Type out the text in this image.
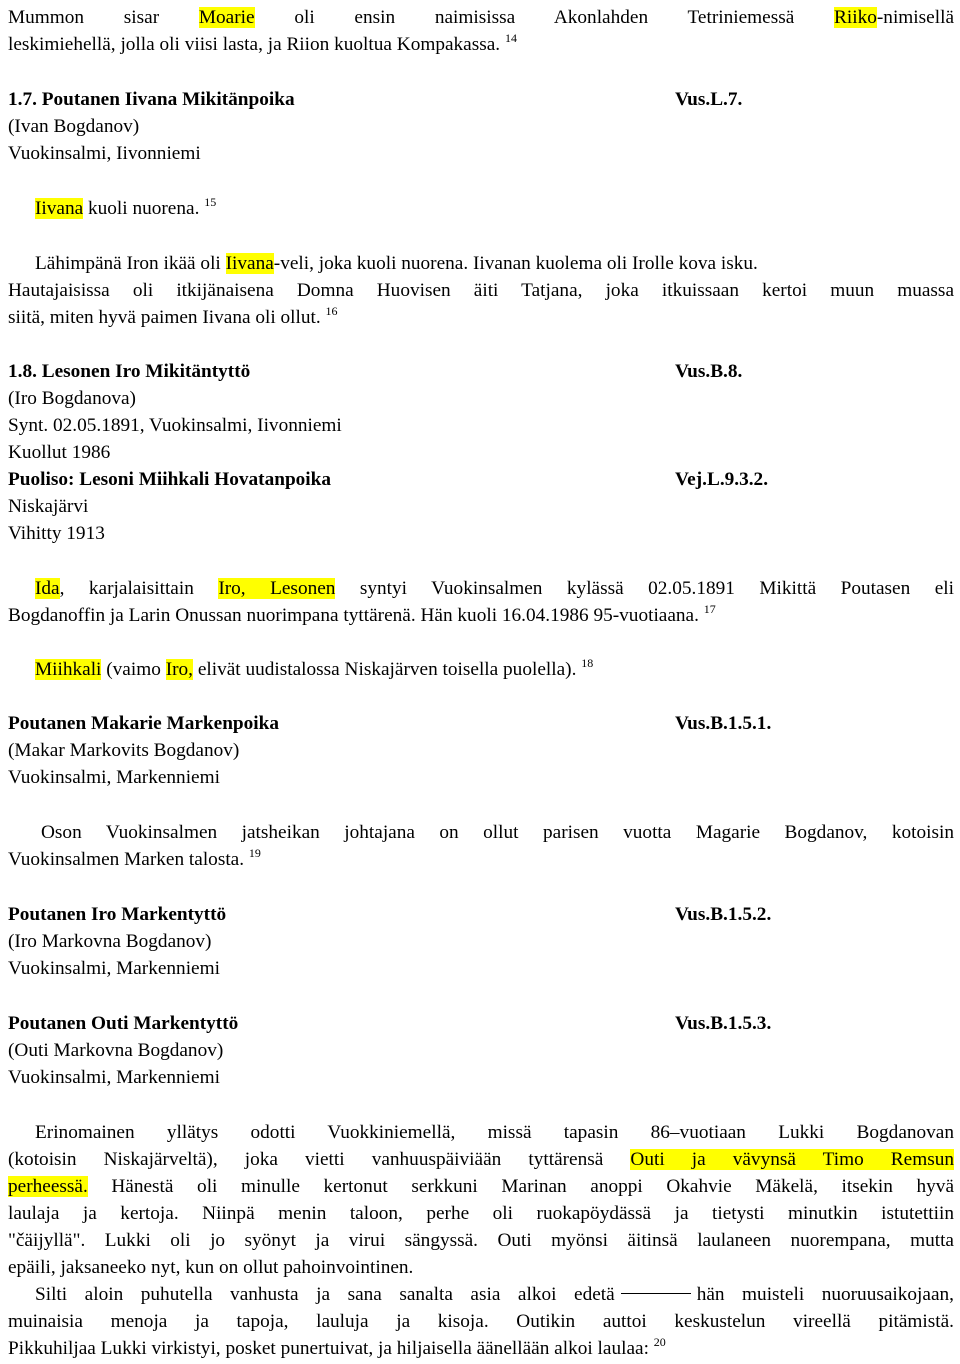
Mummon sisar Moarie oli ensin naimisissa Akonlahden Tetriniemessä Riiko-nimisellä
leskimiehellä, jolla oli viisi lasta, ja Riion kuoltua Kompakassa. $^{14}$
1.7. Poutanen Iivana Mikitänpoika	Vus.L.7.
(Ivan Bogdanov)
Vuokinsalmi, Iivonniemi
Iivana kuoli nuorena. $^{15}$
Lähimpänä Iron ikää oli Iivana-veli, joka kuoli nuorena. Iivanan kuolema oli Irolle kova isku.
Hautajaisissa oli itkijänaisena Domna Huovisen äiti Tatjana, joka itkuissaan kertoi muun muassa
siitä, miten hyvä paimen Iivana oli ollut. $^{16}$
1.8. Lesonen Iro Mikitäntyttö	Vus.B.8.
(Iro Bogdanova)
Synt. 02.05.1891, Vuokinsalmi, Iivonniemi
Kuollut 1986
Puoliso: Lesoni Miihkali Hovatanpoika	Vej.L.9.3.2.
Niskajärvi
Vihitty 1913
Ida, karjalaisittain Iro, Lesonen syntyi Vuokinsalmen kylässä 02.05.1891 Mikittä Poutasen eli
Bogdanoffin ja Larin Onussan nuorimpana tyttärenä. Hän kuoli 16.04.1986 95-vuotiaana. $^{17}$
Miihkali (vaimo Iro, elivät uudistalossa Niskajärven toisella puolella). $^{18}$
Poutanen Makarie Markenpoika	Vus.B.1.5.1.
(Makar Markovits Bogdanov)
Vuokinsalmi, Markenniemi
Oson Vuokinsalmen jatsheikan johtajana on ollut parisen vuotta Magarie Bogdanov, kotoisin
Vuokinsalmen Marken talosta. $^{19}$
Poutanen Iro Markentyttö	Vus.B.1.5.2.
(Iro Markovna Bogdanov)
Vuokinsalmi, Markenniemi
Poutanen Outi Markentyttö	Vus.B.1.5.3.
(Outi Markovna Bogdanov)
Vuokinsalmi, Markenniemi
Erinomainen yllätys odotti Vuokkiniemellä, missä tapasin 86–vuotiaan Lukki Bogdanovan
(kotoisin Niskajärveltä), joka vietti vanhuuspäiviään tyttärensä Outi ja vävynsä Timo Remsun
perheessä. Hänestä oli minulle kertonut serkkuni Marinan anoppi Okahvie Mäkelä, itsekin hyvä
laulaja ja kertoja. Niinpä menin taloon, perhe oli ruokapöydässä ja tietysti minutkin istutettiin
"čäijyllä". Lukki oli jo syönyt ja virui sängyssä. Outi myönsi äitinsä laulaneen nuorempana, mutta
epäili, jaksaneeko nyt, kun on ollut pahoinvointinen.
Silti aloin puhutella vanhusta ja sana sanalta asia alkoi edetä	hän muisteli nuoruusaikojaan,
muinaisia menoja ja tapoja, lauluja ja kisoja. Outikin auttoi keskustelun vireellä pitämistä.
Pikkuhiljaa Lukki virkistyi, posket punertuivat, ja hiljaisella äänellään alkoi laulaa: $^{20}$
